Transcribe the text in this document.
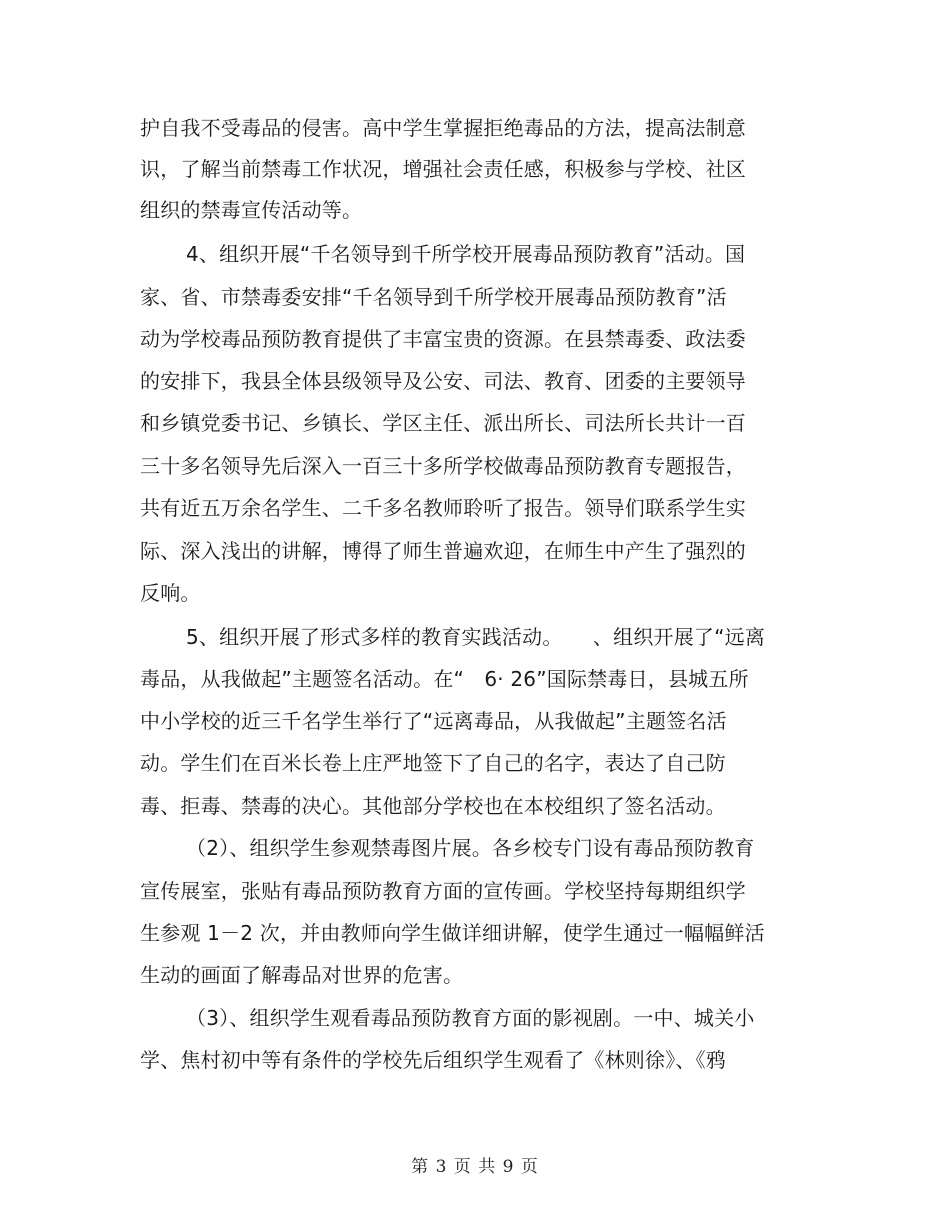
护自我不受毒品的侵害。高中学生掌握拒绝毒品的方法，提高法制意
识，了解当前禁毒工作状况，增强社会责任感，积极参与学校、社区
组织的禁毒宣传活动等。
4、组织开展“千名领导到千所学校开展毒品预防教育”活动。国
家、省、市禁毒委安排“千名领导到千所学校开展毒品预防教育”活
动为学校毒品预防教育提供了丰富宝贵的资源。在县禁毒委、政法委
的安排下，我县全体县级领导及公安、司法、教育、团委的主要领导
和乡镇党委书记、乡镇长、学区主任、派出所长、司法所长共计一百
三十多名领导先后深入一百三十多所学校做毒品预防教育专题报告，
共有近五万余名学生、二千多名教师聆听了报告。领导们联系学生实
际、深入浅出的讲解，博得了师生普遍欢迎，在师生中产生了强烈的
反响。
5、组织开展了形式多样的教育实践活动。　　、组织开展了“远离
毒品，从我做起”主题签名活动。在“　6· 26”国际禁毒日，县城五所
中小学校的近三千名学生举行了“远离毒品，从我做起”主题签名活
动。学生们在百米长卷上庄严地签下了自己的名字，表达了自己防
毒、拒毒、禁毒的决心。其他部分学校也在本校组织了签名活动。
（2）、组织学生参观禁毒图片展。各乡校专门设有毒品预防教育
宣传展室，张贴有毒品预防教育方面的宣传画。学校坚持每期组织学
生参观 1－2 次，并由教师向学生做详细讲解，使学生通过一幅幅鲜活
生动的画面了解毒品对世界的危害。
（3）、组织学生观看毒品预防教育方面的影视剧。一中、城关小
学、焦村初中等有条件的学校先后组织学生观看了《林则徐》、《鸦
第 3 页 共 9 页
